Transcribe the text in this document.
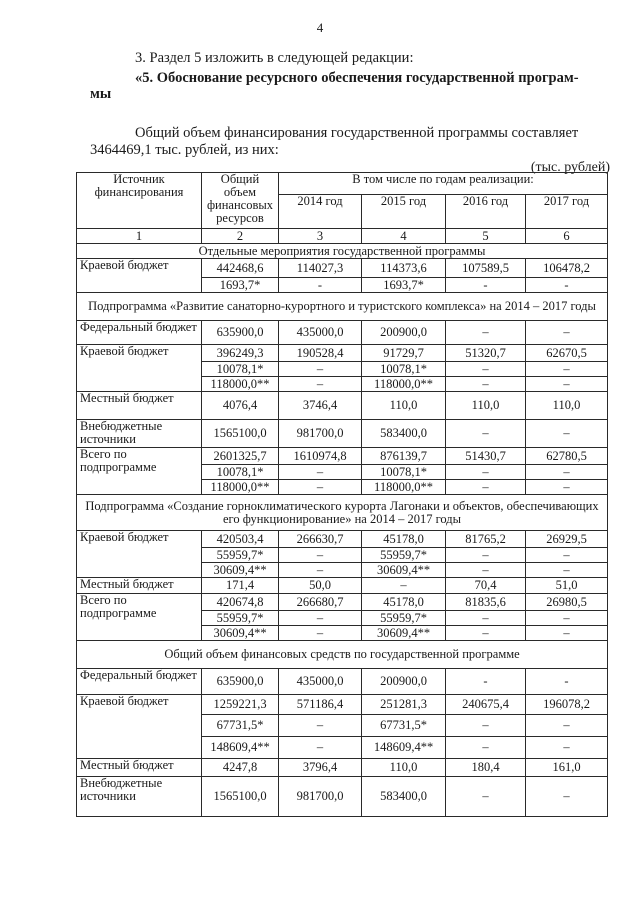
4
3. Раздел 5 изложить в следующей редакции:
«5. Обоснование ресурсного обеспечения государственной програм-
мы
Общий объем финансирования государственной программы составляет
3464469,1 тыс. рублей, из них:
(тыс. рублей)
Источник финансирования	Общий объем финансовых ресурсов	В том числе по годам реализации:			
		2014 год	2015 год	2016 год	2017 год
1	2	3	4	5	6
Отдельные мероприятия государственной программы					
Краевой бюджет	442468,6	114027,3	114373,6	107589,5	106478,2
	1693,7*	-	1693,7*	-	-
Подпрограмма «Развитие санаторно-курортного и туристского комплекса» на 2014 – 2017 годы					
Федеральный бюджет	635900,0	435000,0	200900,0	–	–
Краевой бюджет	396249,3	190528,4	91729,7	51320,7	62670,5
	10078,1*	–	10078,1*	–	–
	118000,0**	–	118000,0**	–	–
Местный бюджет	4076,4	3746,4	110,0	110,0	110,0
Внебюджетные источники	1565100,0	981700,0	583400,0	–	–
Всего по подпрограмме	2601325,7	1610974,8	876139,7	51430,7	62780,5
	10078,1*	–	10078,1*	–	–
	118000,0**	–	118000,0**	–	–
Подпрограмма «Создание горноклиматического курорта Лагонаки и объектов, обеспечивающих его функционирование» на 2014 – 2017 годы					
Краевой бюджет	420503,4	266630,7	45178,0	81765,2	26929,5
	55959,7*	–	55959,7*	–	–
	30609,4**	–	30609,4**	–	–
Местный бюджет	171,4	50,0	–	70,4	51,0
Всего по подпрограмме	420674,8	266680,7	45178,0	81835,6	26980,5
	55959,7*	–	55959,7*	–	–
	30609,4**	–	30609,4**	–	–
Общий объем финансовых средств по государственной программе					
Федеральный бюджет	635900,0	435000,0	200900,0	-	-
Краевой бюджет	1259221,3	571186,4	251281,3	240675,4	196078,2
	67731,5*	–	67731,5*	–	–
	148609,4**	–	148609,4**	–	–
Местный бюджет	4247,8	3796,4	110,0	180,4	161,0
Внебюджетные источники	1565100,0	981700,0	583400,0	–	–
